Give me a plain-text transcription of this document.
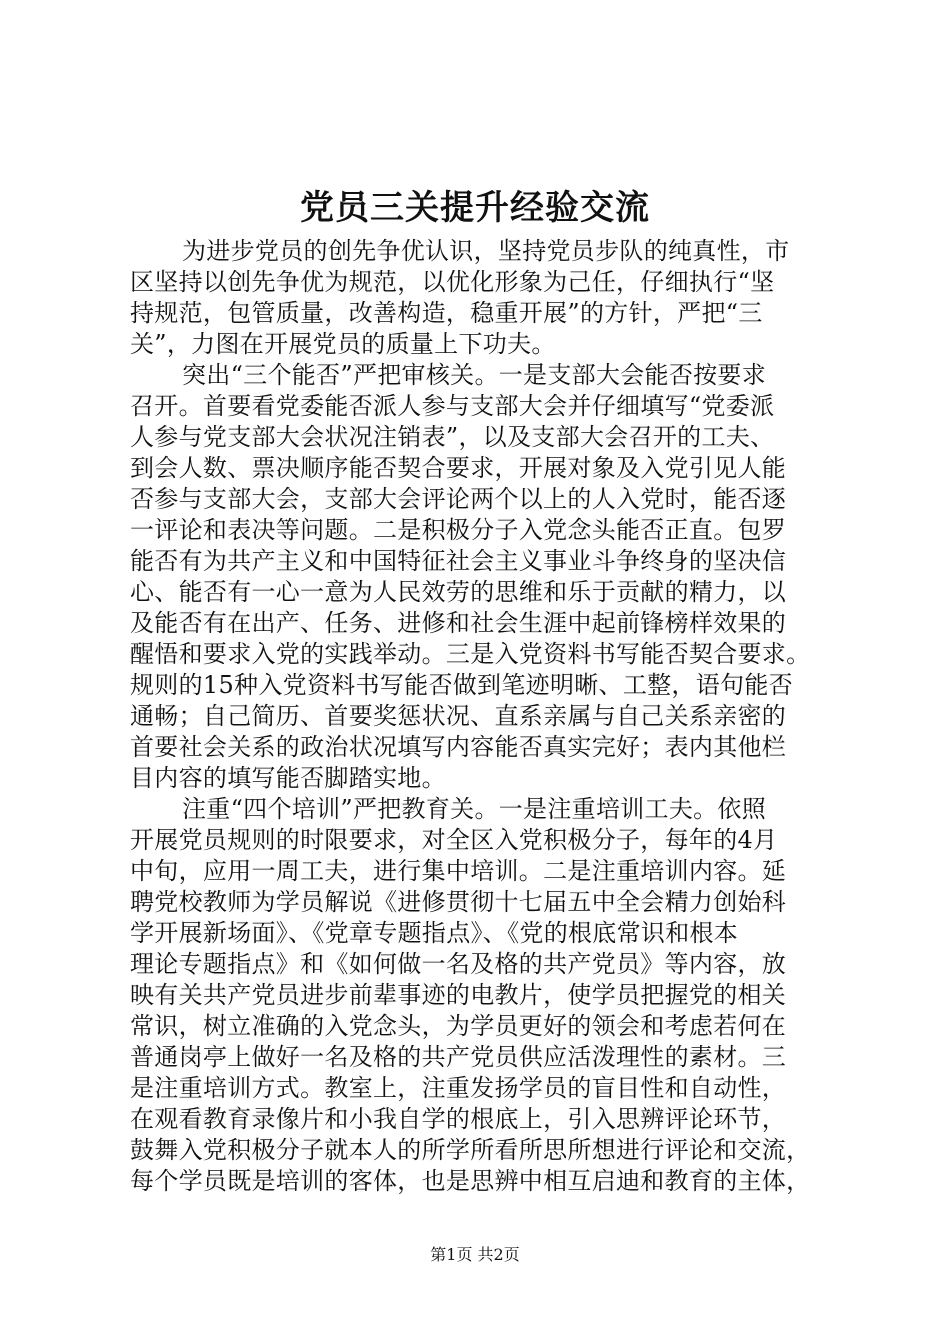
党员三关提升经验交流
为进步党员的创先争优认识，坚持党员步队的纯真性，市
区坚持以创先争优为规范，以优化形象为己任，仔细执行“坚
持规范，包管质量，改善构造，稳重开展”的方针，严把“三
关”，力图在开展党员的质量上下功夫。
突出“三个能否”严把审核关。一是支部大会能否按要求
召开。首要看党委能否派人参与支部大会并仔细填写“党委派
人参与党支部大会状况注销表”，以及支部大会召开的工夫、
到会人数、票决顺序能否契合要求，开展对象及入党引见人能
否参与支部大会，支部大会评论两个以上的人入党时，能否逐
一评论和表决等问题。二是积极分子入党念头能否正直。包罗
能否有为共产主义和中国特征社会主义事业斗争终身的坚决信
心、能否有一心一意为人民效劳的思维和乐于贡献的精力，以
及能否有在出产、任务、进修和社会生涯中起前锋榜样效果的
醒悟和要求入党的实践举动。三是入党资料书写能否契合要求。
规则的15种入党资料书写能否做到笔迹明晰、工整，语句能否
通畅；自己简历、首要奖惩状况、直系亲属与自己关系亲密的
首要社会关系的政治状况填写内容能否真实完好；表内其他栏
目内容的填写能否脚踏实地。
注重“四个培训”严把教育关。一是注重培训工夫。依照
开展党员规则的时限要求，对全区入党积极分子，每年的4月
中旬，应用一周工夫，进行集中培训。二是注重培训内容。延
聘党校教师为学员解说《进修贯彻十七届五中全会精力创始科
学开展新场面》、《党章专题指点》、《党的根底常识和根本
理论专题指点》和《如何做一名及格的共产党员》等内容，放
映有关共产党员进步前辈事迹的电教片，使学员把握党的相关
常识，树立准确的入党念头，为学员更好的领会和考虑若何在
普通岗亭上做好一名及格的共产党员供应活泼理性的素材。三
是注重培训方式。教室上，注重发扬学员的盲目性和自动性，
在观看教育录像片和小我自学的根底上，引入思辨评论环节，
鼓舞入党积极分子就本人的所学所看所思所想进行评论和交流，
每个学员既是培训的客体，也是思辨中相互启迪和教育的主体，
第1页 共2页
